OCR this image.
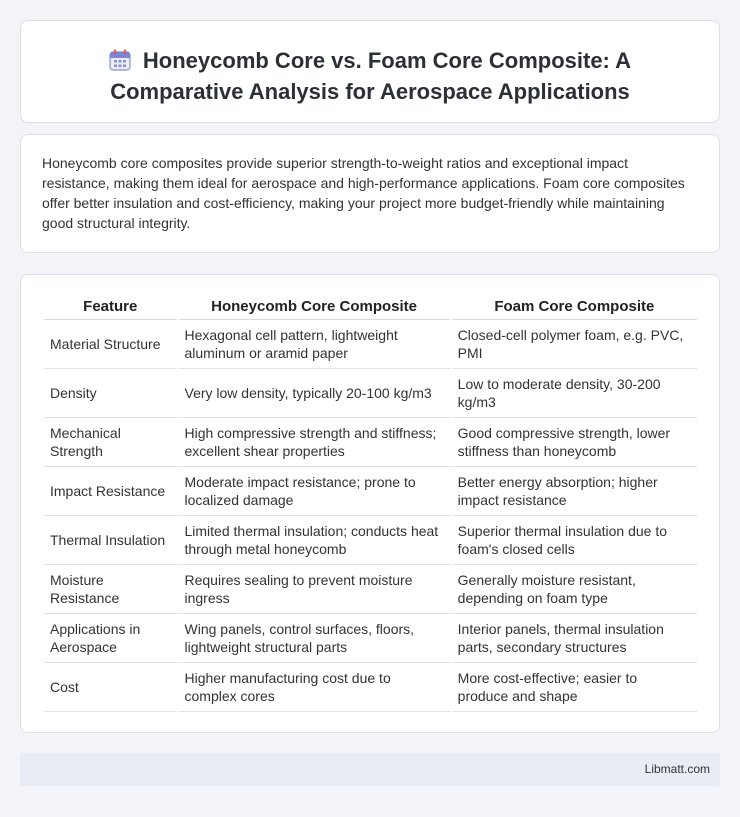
Honeycomb Core vs. Foam Core Composite: A Comparative Analysis for Aerospace Applications

Honeycomb core composites provide superior strength-to-weight ratios and exceptional impact resistance, making them ideal for aerospace and high-performance applications. Foam core composites offer better insulation and cost-efficiency, making your project more budget-friendly while maintaining good structural integrity.

Feature	Honeycomb Core Composite	Foam Core Composite
Material Structure	Hexagonal cell pattern, lightweight aluminum or aramid paper	Closed-cell polymer foam, e.g. PVC, PMI
Density	Very low density, typically 20-100 kg/m3	Low to moderate density, 30-200 kg/m3
Mechanical Strength	High compressive strength and stiffness; excellent shear properties	Good compressive strength, lower stiffness than honeycomb
Impact Resistance	Moderate impact resistance; prone to localized damage	Better energy absorption; higher impact resistance
Thermal Insulation	Limited thermal insulation; conducts heat through metal honeycomb	Superior thermal insulation due to foam's closed cells
Moisture Resistance	Requires sealing to prevent moisture ingress	Generally moisture resistant, depending on foam type
Applications in Aerospace	Wing panels, control surfaces, floors, lightweight structural parts	Interior panels, thermal insulation parts, secondary structures
Cost	Higher manufacturing cost due to complex cores	More cost-effective; easier to produce and shape
Libmatt.com
